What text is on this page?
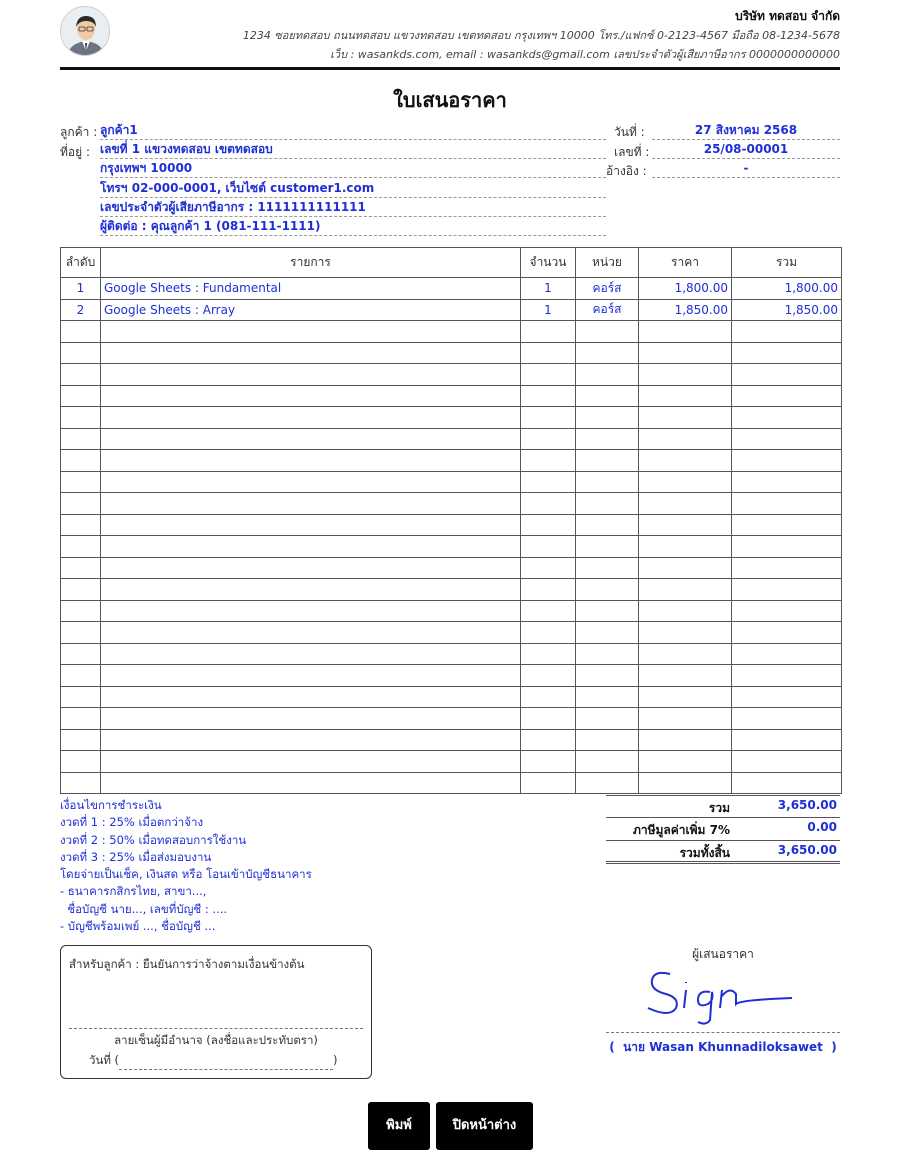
บริษัท ทดสอบ จำกัด
1234 ซอยทดสอบ ถนนทดสอบ แขวงทดสอบ เขตทดสอบ กรุงเทพฯ 10000 โทร./แฟกซ์ 0-2123-4567 มือถือ 08-1234-5678
เว็บ : wasankds.com, email : wasankds@gmail.com เลขประจำตัวผู้เสียภาษีอากร 0000000000000
ใบเสนอราคา
ลูกค้า : ลูกค้า1
ที่อยู่ : เลขที่ 1 แขวงทดสอบ เขตทดสอบ
กรุงเทพฯ 10000
โทรฯ 02-000-0001, เว็บไซต์ customer1.com
เลขประจำตัวผู้เสียภาษีอากร : 1111111111111
ผู้ติดต่อ : คุณลูกค้า 1 (081-111-1111)
วันที่ :	27 สิงหาคม 2568
เลขที่ :	25/08-00001
อ้างอิง :	-
ลำดับ	รายการ	จำนวน	หน่วย	ราคา	รวม
1	Google Sheets : Fundamental	1	คอร์ส	1,800.00	1,800.00
2	Google Sheets : Array	1	คอร์ส	1,850.00	1,850.00

เงื่อนไขการชำระเงิน
งวดที่ 1 : 25% เมื่อตกว่าจ้าง
งวดที่ 2 : 50% เมื่อทดสอบการใช้งาน
งวดที่ 3 : 25% เมื่อส่งมอบงาน
โดยจ่ายเป็นเช็ค, เงินสด หรือ โอนเข้าบัญชีธนาคาร
- ธนาคารกสิกรไทย, สาขา...,
ชื่อบัญชี นาย..., เลขที่บัญชี : ....
- บัญชีพร้อมเพย์ ..., ชื่อบัญชี ...
รวม	3,650.00
ภาษีมูลค่าเพิ่ม 7%	0.00
รวมทั้งสิ้น	3,650.00
สำหรับลูกค้า : ยืนยันการว่าจ้างตามเงื่อนข้างต้น
ลายเซ็นผู้มีอำนาจ (ลงชื่อและประทับตรา)
วันที่ (	)
ผู้เสนอราคา
( นาย Wasan Khunnadiloksawet )
พิมพ์	ปิดหน้าต่าง
